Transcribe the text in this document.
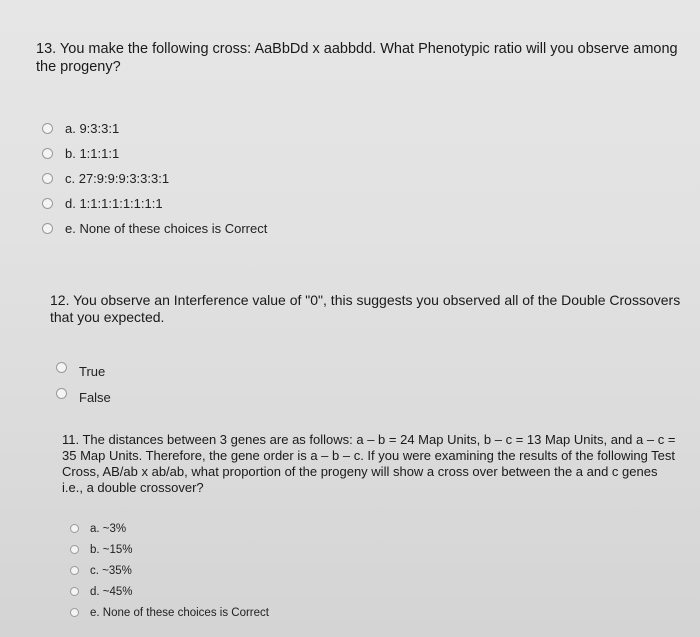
13. You make the following cross: AaBbDd x aabbdd. What Phenotypic ratio will you observe among the progeny?
a. 9:3:3:1
b. 1:1:1:1
c. 27:9:9:9:3:3:3:1
d. 1:1:1:1:1:1:1:1
e. None of these choices is Correct
12. You observe an Interference value of "0", this suggests you observed all of the Double Crossovers that you expected.
True
False
11. The distances between 3 genes are as follows: a – b = 24 Map Units, b – c = 13 Map Units, and a – c = 35 Map Units. Therefore, the gene order is a – b – c. If you were examining the results of the following Test Cross, AB/ab x ab/ab, what proportion of the progeny will show a cross over between the a and c genes i.e., a double crossover?
a. ~3%
b. ~15%
c. ~35%
d. ~45%
e. None of these choices is Correct
